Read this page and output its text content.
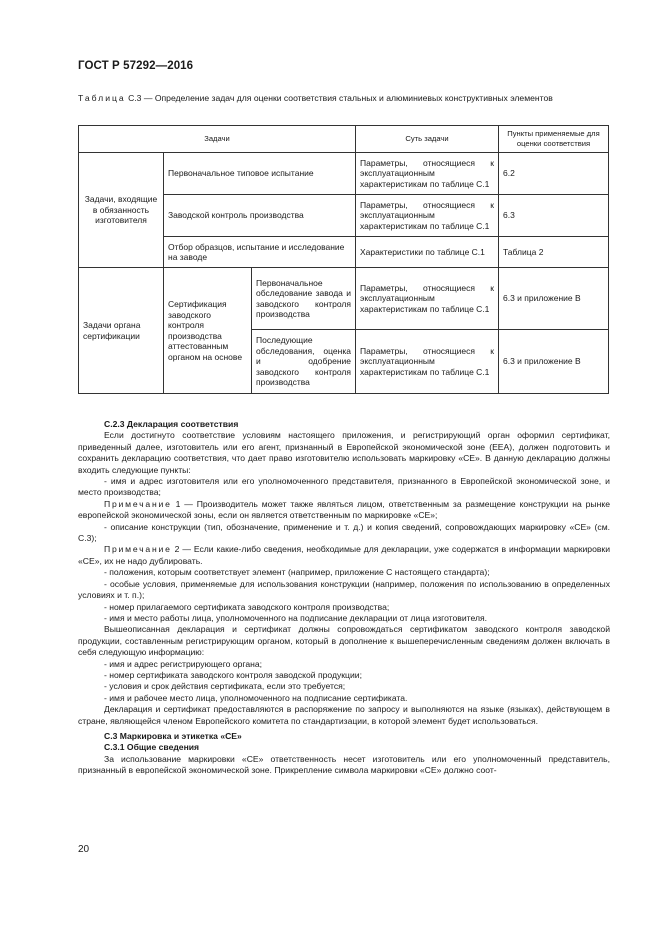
ГОСТ Р 57292—2016
Таблица С.3 — Определение задач для оценки соответствия стальных и алюминиевых конструктивных элементов
Задачи			Суть задачи	Пункты применяемые для оценки соответствия
Задачи, входящие в обязанность изготовителя	Первоначальное типовое испытание		Параметры, относящиеся к эксплуатационным характеристикам по таблице С.1	6.2
	Заводской контроль производства		Параметры, относящиеся к эксплуатационным характеристикам по таблице С.1	6.3
	Отбор образцов, испытание и исследование на заводе		Характеристики по таблице С.1	Таблица 2
Задачи органа сертификации	Сертификация заводского контроля производства аттестованным органом на основе	Первоначальное обследование завода и заводского контроля производства	Параметры, относящиеся к эксплуатационным характеристикам по таблице С.1	6.3 и приложение В
		Последующие обследования, оценка и одобрение заводского контроля производства	Параметры, относящиеся к эксплуатационным характеристикам по таблице С.1	6.3 и приложение В

С.2.3 Декларация соответствия

Если достигнуто соответствие условиям настоящего приложения, и регистрирующий орган оформил сертификат, приведенный далее, изготовитель или его агент, признанный в Европейской экономической зоне (ЕЕА), должен подготовить и сохранить декларацию соответствия, что дает право изготовителю использовать маркировку «СЕ». В данную декларацию должны входить следующие пункты:

- имя и адрес изготовителя или его уполномоченного представителя, признанного в Европейской экономической зоне, и место производства;

Примечание 1 — Производитель может также являться лицом, ответственным за размещение конструкции на рынке европейской экономической зоны, если он является ответственным по маркировке «СЕ»;

- описание конструкции (тип, обозначение, применение и т. д.) и копия сведений, сопровождающих маркировку «СЕ» (см. С.3);

Примечание 2 — Если какие-либо сведения, необходимые для декларации, уже содержатся в информации маркировки «СЕ», их не надо дублировать.

- положения, которым соответствует элемент (например, приложение С настоящего стандарта);

- особые условия, применяемые для использования конструкции (например, положения по использованию в определенных условиях и т. п.);

- номер прилагаемого сертификата заводского контроля производства;

- имя и место работы лица, уполномоченного на подписание декларации от лица изготовителя.

Вышеописанная декларация и сертификат должны сопровождаться сертификатом заводского контроля заводской продукции, составленным регистрирующим органом, который в дополнение к вышеперечисленным сведениям должен включать в себя следующую информацию:

- имя и адрес регистрирующего органа;

- номер сертификата заводского контроля заводской продукции;

- условия и срок действия сертификата, если это требуется;

- имя и рабочее место лица, уполномоченного на подписание сертификата.

Декларация и сертификат предоставляются в распоряжение по запросу и выполняются на языке (языках), действующем в стране, являющейся членом Европейского комитета по стандартизации, в которой элемент будет использоваться.

С.3 Маркировка и этикетка «СЕ»

С.3.1 Общие сведения

За использование маркировки «СЕ» ответственность несет изготовитель или его уполномоченный представитель, признанный в европейской экономической зоне. Прикрепление символа маркировки «СЕ» должно соот-

20
